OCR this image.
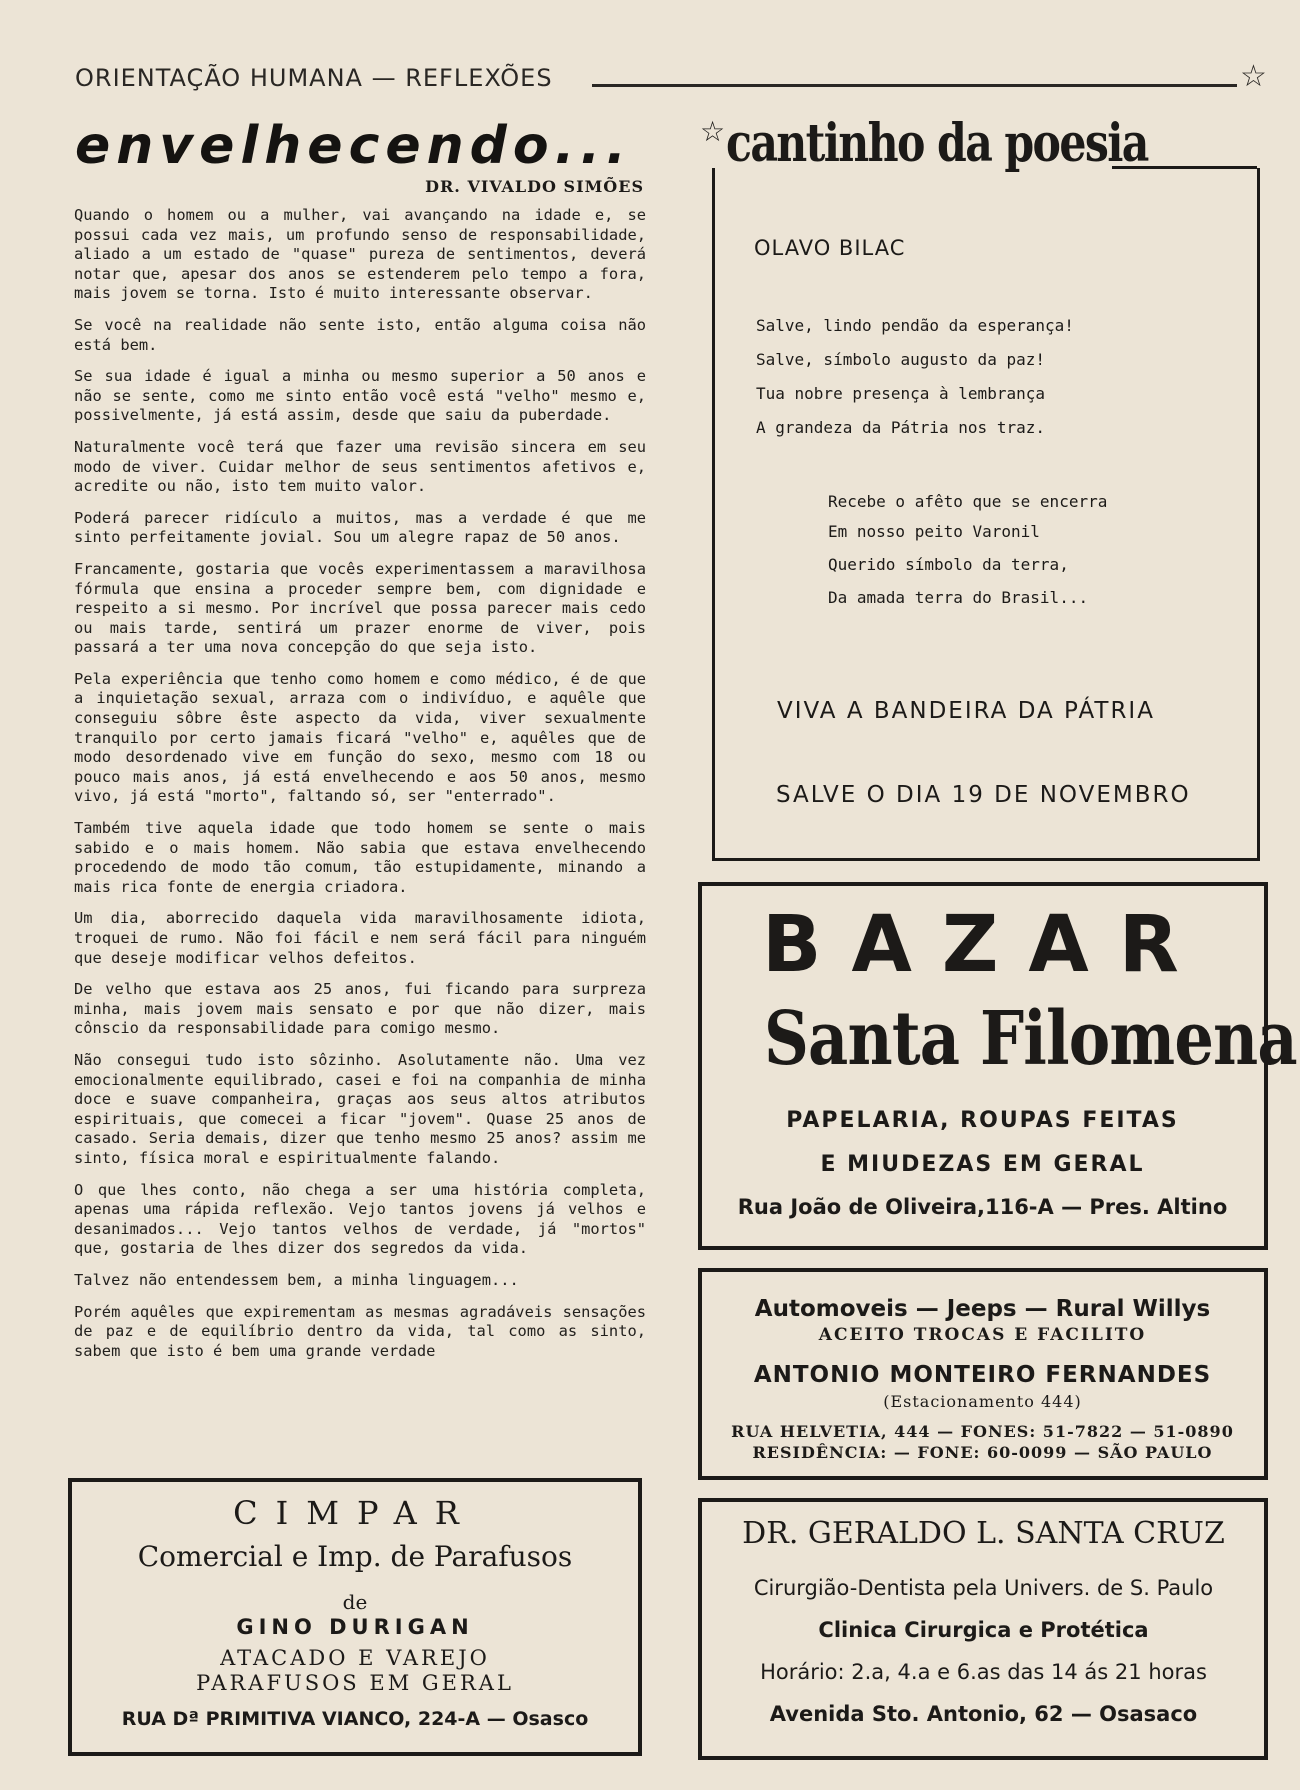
ORIENTAÇÃO HUMANA — REFLEXÕES	☆
envelhecendo...
DR. VIVALDO SIMÕES

Quando o homem ou a mulher, vai avançando na idade e, se possui cada vez mais, um profundo senso de responsabilidade, aliado a um estado de "quase" pureza de sentimentos, deverá notar que, apesar dos anos se estenderem pelo tempo a fora, mais jovem se torna. Isto é muito interessante observar.

Se você na realidade não sente isto, então alguma coisa não está bem.

Se sua idade é igual a minha ou mesmo superior a 50 anos e não se sente, como me sinto então você está "velho" mesmo e, possivelmente, já está assim, desde que saiu da puberdade.

Naturalmente você terá que fazer uma revisão sincera em seu modo de viver. Cuidar melhor de seus sentimentos afetivos e, acredite ou não, isto tem muito valor.

Poderá parecer ridículo a muitos, mas a verdade é que me sinto perfeitamente jovial. Sou um alegre rapaz de 50 anos.

Francamente, gostaria que vocês experimentassem a maravilhosa fórmula que ensina a proceder sempre bem, com dignidade e respeito a si mesmo. Por incrível que possa parecer mais cedo ou mais tarde, sentirá um prazer enorme de viver, pois passará a ter uma nova concepção do que seja isto.

Pela experiência que tenho como homem e como médico, é de que a inquietação sexual, arraza com o indivíduo, e aquêle que conseguiu sôbre êste aspecto da vida, viver sexualmente tranquilo por certo jamais ficará "velho" e, aquêles que de modo desordenado vive em função do sexo, mesmo com 18 ou pouco mais anos, já está envelhecendo e aos 50 anos, mesmo vivo, já está "morto", faltando só, ser "enterrado".

Também tive aquela idade que todo homem se sente o mais sabido e o mais homem. Não sabia que estava envelhecendo procedendo de modo tão comum, tão estupidamente, minando a mais rica fonte de energia criadora.

Um dia, aborrecido daquela vida maravilhosamente idiota, troquei de rumo. Não foi fácil e nem será fácil para ninguém que deseje modificar velhos defeitos.

De velho que estava aos 25 anos, fui ficando para surpreza minha, mais jovem mais sensato e por que não dizer, mais cônscio da responsabilidade para comigo mesmo.

Não consegui tudo isto sôzinho. Asolutamente não. Uma vez emocionalmente equilibrado, casei e foi na companhia de minha doce e suave companheira, graças aos seus altos atributos espirituais, que comecei a ficar "jovem". Quase 25 anos de casado. Seria demais, dizer que tenho mesmo 25 anos? assim me sinto, física moral e espiritualmente falando.

O que lhes conto, não chega a ser uma história completa, apenas uma rápida reflexão. Vejo tantos jovens já velhos e desanimados... Vejo tantos velhos de verdade, já "mortos" que, gostaria de lhes dizer dos segredos da vida.

Talvez não entendessem bem, a minha linguagem...

Porém aquêles que expirementam as mesmas agradáveis sensações de paz e de equilíbrio dentro da vida, tal como as sinto, sabem que isto é bem uma grande verdade

☆ cantinho da poesia
OLAVO BILAC
Salve, lindo pendão da esperança!
Salve, símbolo augusto da paz!
Tua nobre presença à lembrança
A grandeza da Pátria nos traz.
Recebe o afêto que se encerra
Em nosso peito Varonil
Querido símbolo da terra,
Da amada terra do Brasil...
VIVA A BANDEIRA DA PÁTRIA
SALVE O DIA 19 DE NOVEMBRO
BAZAR
Santa Filomena
PAPELARIA, ROUPAS FEITAS
E MIUDEZAS EM GERAL
Rua João de Oliveira,116-A — Pres. Altino
Automoveis — Jeeps — Rural Willys
ACEITO TROCAS E FACILITO
ANTONIO MONTEIRO FERNANDES
(Estacionamento 444)
RUA HELVETIA, 444 — FONES: 51-7822 — 51-0890
RESIDÊNCIA: — FONE: 60-0099 — SÃO PAULO
DR. GERALDO L. SANTA CRUZ
Cirurgião-Dentista pela Univers. de S. Paulo
Clinica Cirurgica e Protética
Horário: 2.a, 4.a e 6.as das 14 ás 21 horas
Avenida Sto. Antonio, 62 — Osasaco
CIMPAR
Comercial e Imp. de Parafusos
de
GINO DURIGAN
ATACADO E VAREJO
PARAFUSOS EM GERAL
RUA Dª PRIMITIVA VIANCO, 224-A — Osasco
